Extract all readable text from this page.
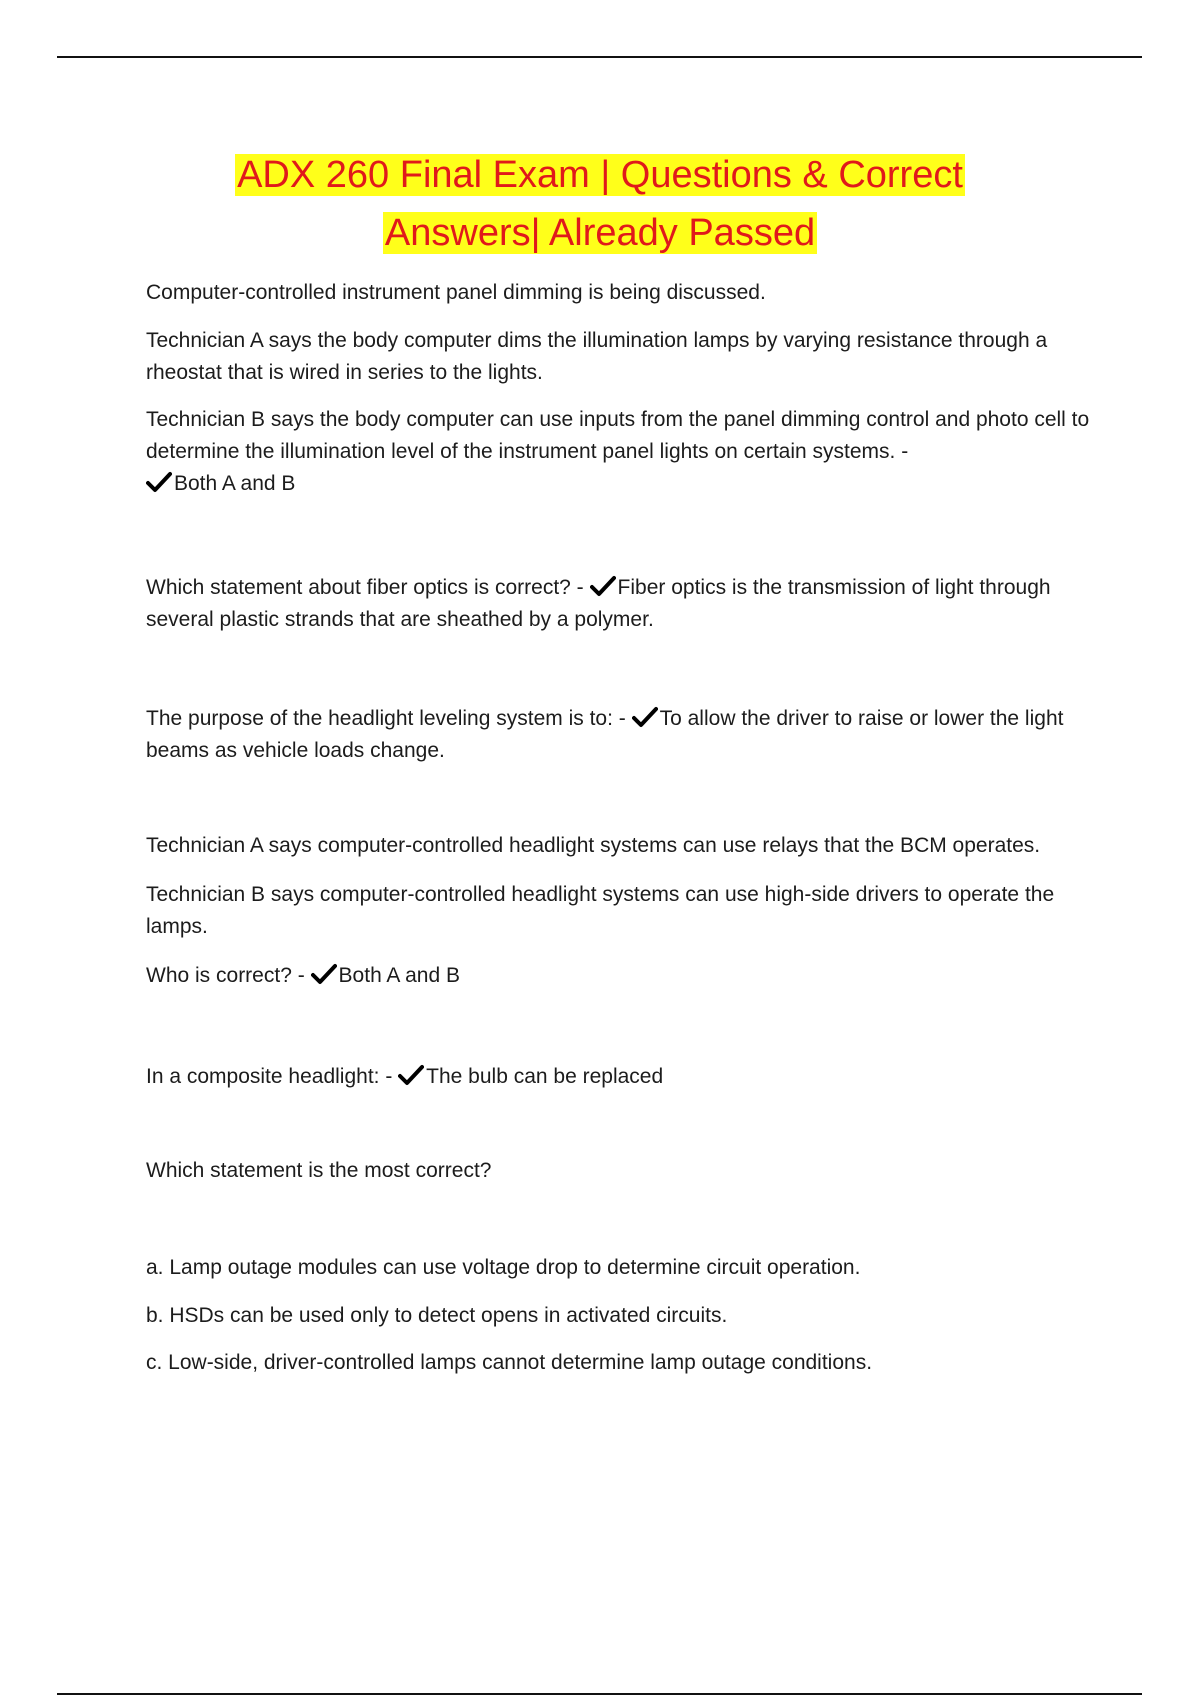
ADX 260 Final Exam | Questions & Correct
Answers| Already Passed

Computer-controlled instrument panel dimming is being discussed.

Technician A says the body computer dims the illumination lamps by varying resistance through a rheostat that is wired in series to the lights.

Technician B says the body computer can use inputs from the panel dimming control and photo cell to determine the illumination level of the instrument panel lights on certain systems. -

Both A and B

Which statement about fiber optics is correct? - Fiber optics is the transmission of light through several plastic strands that are sheathed by a polymer.

The purpose of the headlight leveling system is to: - To allow the driver to raise or lower the light beams as vehicle loads change.

Technician A says computer-controlled headlight systems can use relays that the BCM operates.

Technician B says computer-controlled headlight systems can use high-side drivers to operate the lamps.

Who is correct? - Both A and B

In a composite headlight: - The bulb can be replaced

Which statement is the most correct?

a. Lamp outage modules can use voltage drop to determine circuit operation.

b. HSDs can be used only to detect opens in activated circuits.

c. Low-side, driver-controlled lamps cannot determine lamp outage conditions.
